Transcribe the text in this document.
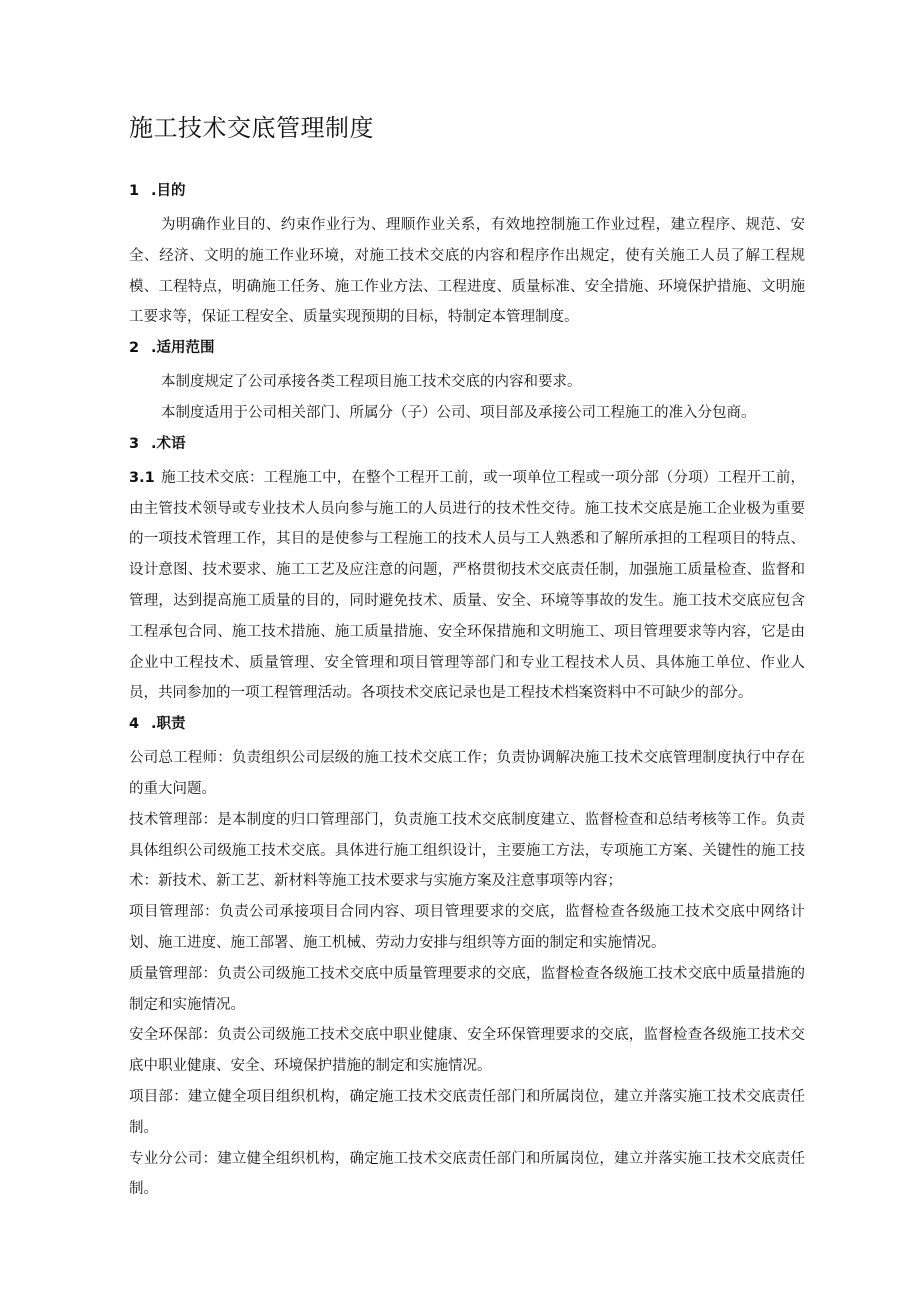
施工技术交底管理制度
1 .目的

为明确作业目的、约束作业行为、理顺作业关系，有效地控制施工作业过程，建立程序、规范、安全、经济、文明的施工作业环境，对施工技术交底的内容和程序作出规定，使有关施工人员了解工程规模、工程特点，明确施工任务、施工作业方法、工程进度、质量标准、安全措施、环境保护措施、文明施工要求等，保证工程安全、质量实现预期的目标，特制定本管理制度。

2 .适用范围

本制度规定了公司承接各类工程项目施工技术交底的内容和要求。

本制度适用于公司相关部门、所属分（子）公司、项目部及承接公司工程施工的准入分包商。

3 .术语

3.1 施工技术交底：工程施工中，在整个工程开工前，或一项单位工程或一项分部（分项）工程开工前，由主管技术领导或专业技术人员向参与施工的人员进行的技术性交待。施工技术交底是施工企业极为重要的一项技术管理工作，其目的是使参与工程施工的技术人员与工人熟悉和了解所承担的工程项目的特点、设计意图、技术要求、施工工艺及应注意的问题，严格贯彻技术交底责任制，加强施工质量检查、监督和管理，达到提高施工质量的目的，同时避免技术、质量、安全、环境等事故的发生。施工技术交底应包含工程承包合同、施工技术措施、施工质量措施、安全环保措施和文明施工、项目管理要求等内容，它是由企业中工程技术、质量管理、安全管理和项目管理等部门和专业工程技术人员、具体施工单位、作业人员，共同参加的一项工程管理活动。各项技术交底记录也是工程技术档案资料中不可缺少的部分。

4 .职责

公司总工程师：负责组织公司层级的施工技术交底工作；负责协调解决施工技术交底管理制度执行中存在的重大问题。

技术管理部：是本制度的归口管理部门，负责施工技术交底制度建立、监督检查和总结考核等工作。负责具体组织公司级施工技术交底。具体进行施工组织设计，主要施工方法，专项施工方案、关键性的施工技术：新技术、新工艺、新材料等施工技术要求与实施方案及注意事项等内容；

项目管理部：负责公司承接项目合同内容、项目管理要求的交底，监督检查各级施工技术交底中网络计划、施工进度、施工部署、施工机械、劳动力安排与组织等方面的制定和实施情况。

质量管理部：负责公司级施工技术交底中质量管理要求的交底，监督检查各级施工技术交底中质量措施的制定和实施情况。

安全环保部：负责公司级施工技术交底中职业健康、安全环保管理要求的交底，监督检查各级施工技术交底中职业健康、安全、环境保护措施的制定和实施情况。

项目部：建立健全项目组织机构，确定施工技术交底责任部门和所属岗位，建立并落实施工技术交底责任制。

专业分公司：建立健全组织机构，确定施工技术交底责任部门和所属岗位，建立并落实施工技术交底责任制。
